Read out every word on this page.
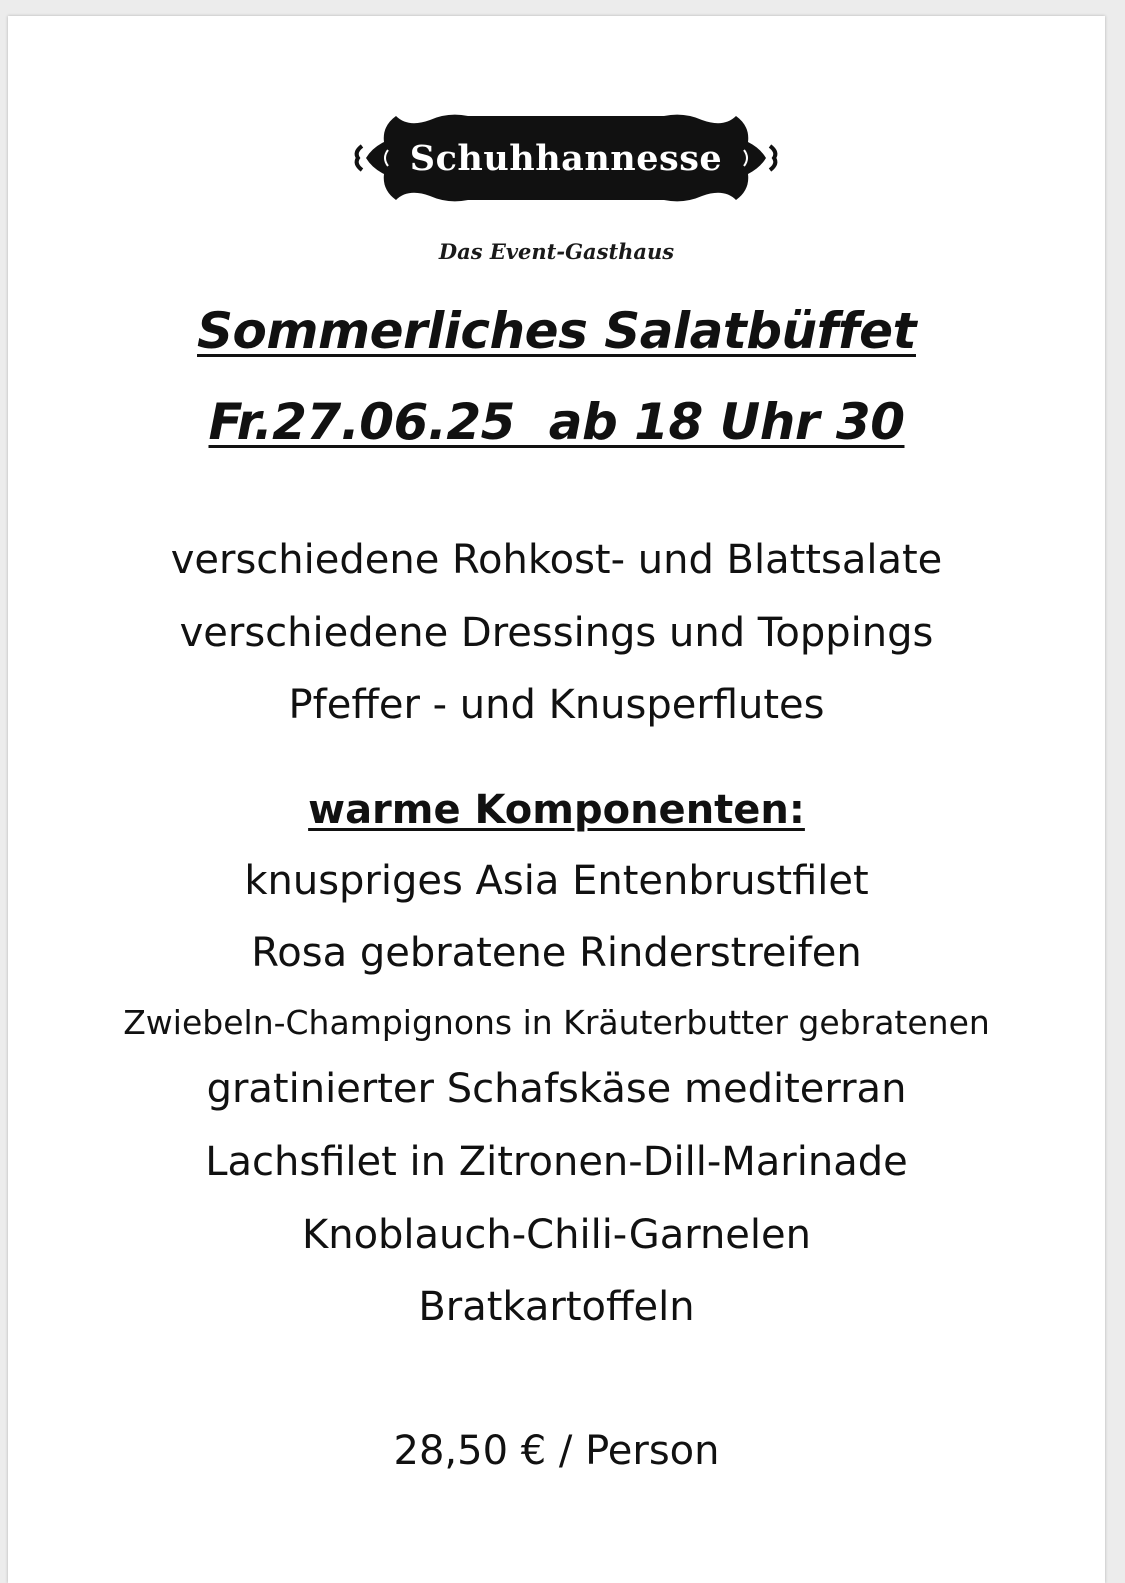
Schuhhannesse
Das Event-Gasthaus
Sommerliches Salatbüffet
Fr.27.06.25  ab 18 Uhr 30
verschiedene Rohkost- und Blattsalate
verschiedene Dressings und Toppings
Pfeffer - und Knusperflutes
warme Komponenten:
knuspriges Asia Entenbrustfilet
Rosa gebratene Rinderstreifen
Zwiebeln-Champignons in Kräuterbutter gebratenen
gratinierter Schafskäse mediterran
Lachsfilet in Zitronen-Dill-Marinade
Knoblauch-Chili-Garnelen
Bratkartoffeln
28,50 € / Person
